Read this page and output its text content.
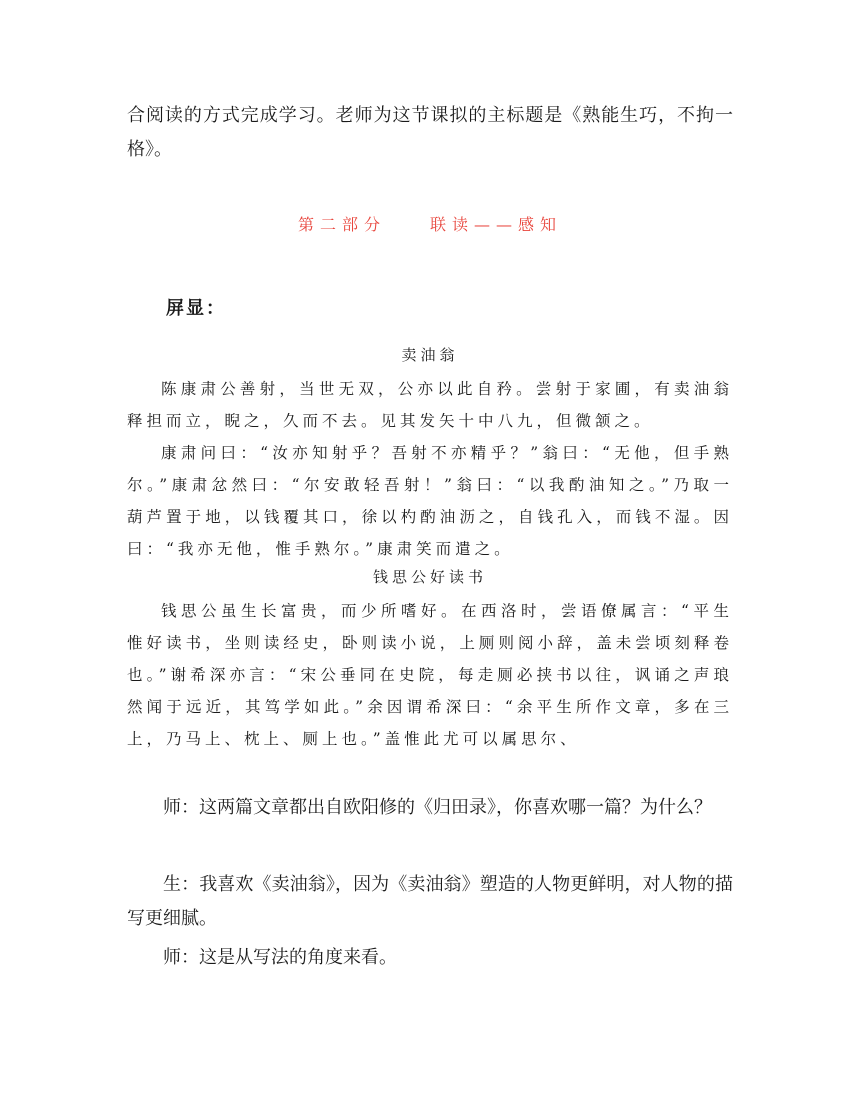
合阅读的方式完成学习。老师为这节课拟的主标题是《熟能生巧，不拘一格》。

第二部分　　联读——感知
屏显：
卖油翁

陈康肃公善射，当世无双，公亦以此自矜。尝射于家圃，有卖油翁释担而立，睨之，久而不去。见其发矢十中八九，但微颔之。

康肃问曰：“汝亦知射乎？吾射不亦精乎？”翁曰：“无他，但手熟尔。”康肃忿然曰：“尔安敢轻吾射！”翁曰：“以我酌油知之。”乃取一葫芦置于地，以钱覆其口，徐以杓酌油沥之，自钱孔入，而钱不湿。因曰：“我亦无他，惟手熟尔。”康肃笑而遣之。

钱思公好读书

钱思公虽生长富贵，而少所嗜好。在西洛时，尝语僚属言：“平生惟好读书，坐则读经史，卧则读小说，上厕则阅小辞，盖未尝顷刻释卷也。”谢希深亦言：“宋公垂同在史院，每走厕必挟书以往，讽诵之声琅然闻于远近，其笃学如此。”余因谓希深曰：“余平生所作文章，多在三上，乃马上、枕上、厕上也。”盖惟此尤可以属思尔、

师：这两篇文章都出自欧阳修的《归田录》，你喜欢哪一篇？为什么？

生：我喜欢《卖油翁》，因为《卖油翁》塑造的人物更鲜明，对人物的描写更细腻。

师：这是从写法的角度来看。
